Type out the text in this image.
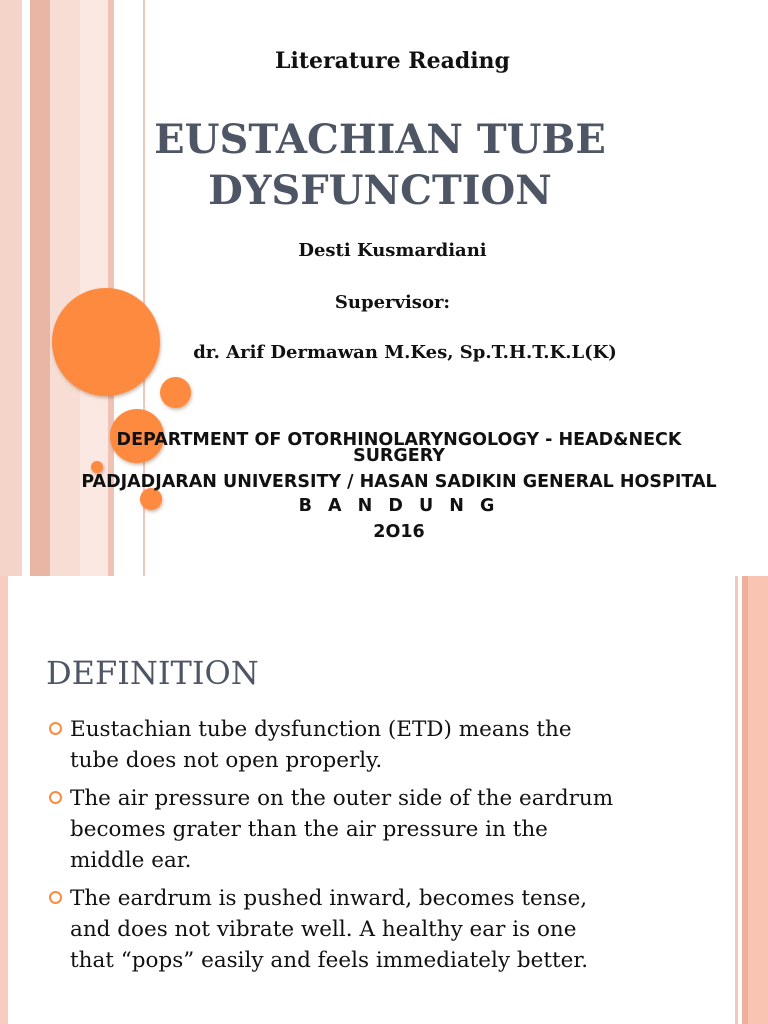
Literature Reading
EUSTACHIAN TUBE
DYSFUNCTION
Desti Kusmardiani
Supervisor:
dr. Arif Dermawan M.Kes, Sp.T.H.T.K.L(K)
DEPARTMENT OF OTORHINOLARYNGOLOGY - HEAD&NECK
SURGERY
PADJADJARAN UNIVERSITY / HASAN SADIKIN GENERAL HOSPITAL
B A N D U N G
2O16
DEFINITION
Eustachian tube dysfunction (ETD) means the
tube does not open properly.
The air pressure on the outer side of the eardrum
becomes grater than the air pressure in the
middle ear.
The eardrum is pushed inward, becomes tense,
and does not vibrate well. A healthy ear is one
that “pops” easily and feels immediately better.
